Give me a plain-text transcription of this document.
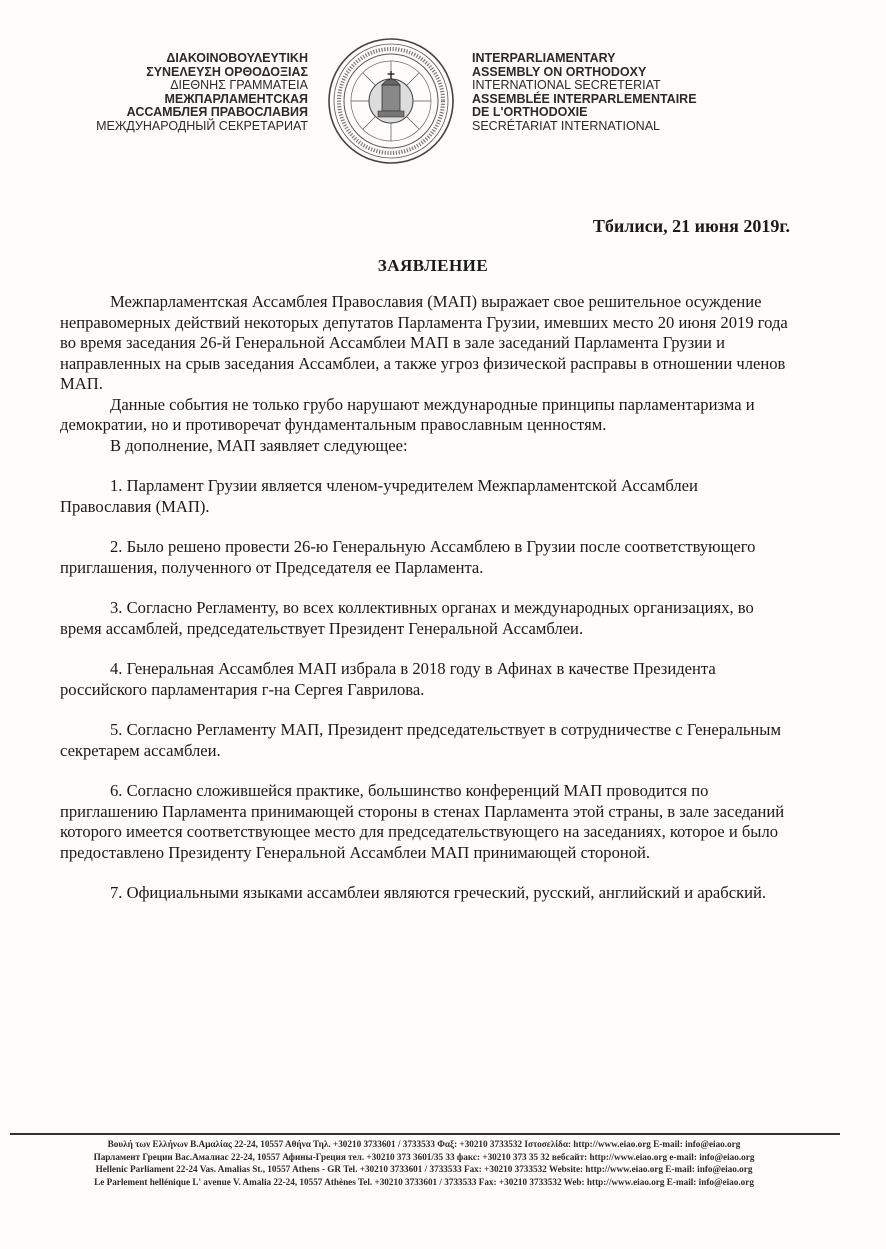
ΔΙΑΚΟΙΝΟΒΟΥΛΕΥΤΙΚΗ
ΣΥΝΕΛΕΥΣΗ ΟΡΘΟΔΟΞΙΑΣ
ΔΙΕΘΝΗΣ ΓΡΑΜΜΑΤΕΙΑ
МЕЖПАРЛАМЕНТСКАЯ
АССАМБЛЕЯ ПРАВОСЛАВИЯ
МЕЖДУНАРОДНЫЙ СЕКРЕТАРИАТ
INTERPARLIAMENTARY
ASSEMBLY ON ORTHODOXY
INTERNATIONAL SECRETERIAT
ASSEMBLÉE INTERPARLEMENTAIRE
DE L'ORTHODOXIE
SECRÉTARIAT INTERNATIONAL
Тбилиси, 21 июня 2019г.
ЗАЯВЛЕНИЕ

Межпарламентская Ассамблея Православия (МАП) выражает свое решительное осуждение неправомерных действий некоторых депутатов Парламента Грузии, имевших место 20 июня 2019 года во время заседания 26-й Генеральной Ассамблеи МАП в зале заседаний Парламента Грузии и направленных на срыв заседания Ассамблеи, а также угроз физической расправы в отношении членов МАП.

Данные события не только грубо нарушают международные принципы парламентаризма и демократии, но и противоречат фундаментальным православным ценностям.

В дополнение, МАП заявляет следующее:

1. Парламент Грузии является членом-учредителем Межпарламентской Ассамблеи Православия (МАП).

2. Было решено провести 26-ю Генеральную Ассамблею в Грузии после соответствующего приглашения, полученного от Председателя ее Парламента.

3. Согласно Регламенту, во всех коллективных органах и международных организациях, во время ассамблей, председательствует Президент Генеральной Ассамблеи.

4. Генеральная Ассамблея МАП избрала в 2018 году в Афинах в качестве Президента российского парламентария г-на Сергея Гаврилова.

5. Согласно Регламенту МАП, Президент председательствует в сотрудничестве с Генеральным секретарем ассамблеи.

6. Согласно сложившейся практике, большинство конференций МАП проводится по приглашению Парламента принимающей стороны в стенах Парламента этой страны, в зале заседаний которого имеется соответствующее место для председательствующего на заседаниях, которое и было предоставлено Президенту Генеральной Ассамблеи МАП принимающей стороной.

7. Официальными языками ассамблеи являются греческий, русский, английский и арабский.

Βουλή των Ελλήνων Β.Αμαλίας 22-24, 10557 Αθήνα Τηλ. +30210 3733601 / 3733533 Φαξ: +30210 3733532 Ιστοσελίδα: http://www.eiao.org E-mail: info@eiao.org
Парламент Греции Вас.Амалиас 22-24, 10557 Афины-Греция тел. +30210 373 3601/35 33 факс: +30210 373 35 32 вебсайт: http://www.eiao.org e-mail: info@eiao.org
Hellenic Parliament 22-24 Vas. Amalias St., 10557 Athens - GR Tel. +30210 3733601 / 3733533 Fax: +30210 3733532 Website: http://www.eiao.org E-mail: info@eiao.org
Le Parlement hellénique L' avenue V. Amalia 22-24, 10557 Athènes Tel. +30210 3733601 / 3733533 Fax: +30210 3733532 Web: http://www.eiao.org E-mail: info@eiao.org
